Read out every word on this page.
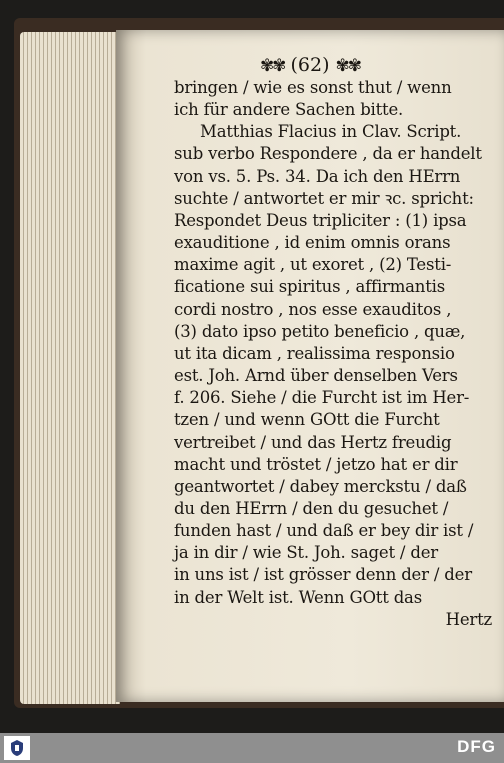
✾✾ (62) ✾✾
bringen / wie es sonst thut / wenn
ich für andere Sachen bitte.
Matthias Flacius in Clav. Script.
sub verbo Respondere , da er handelt
von vs. 5. Ps. 34. Da ich den HErrn
suchte / antwortet er mir ꝛc. spricht:
Respondet Deus tripliciter : (1) ipsa
exauditione , id enim omnis orans
maxime agit , ut exoret , (2) Testi-
ficatione sui spiritus , affirmantis
cordi nostro , nos esse exauditos ,
(3) dato ipso petito beneficio , quæ,
ut ita dicam , realissima responsio
est. Joh. Arnd über denselben Vers
f. 206. Siehe / die Furcht ist im Her-
tzen / und wenn GOtt die Furcht
vertreibet / und das Hertz freudig
macht und tröstet / jetzo hat er dir
geantwortet / dabey merckstu / daß
du den HErrn / den du gesuchet /
funden hast / und daß er bey dir ist /
ja in dir / wie St. Joh. saget / der
in uns ist / ist grösser denn der / der
in der Welt ist. Wenn GOtt das
Hertz
DFG
